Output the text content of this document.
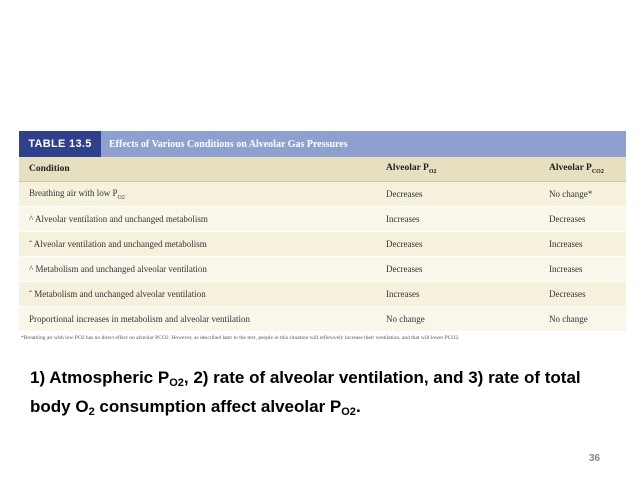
TABLE 13.5	Effects of Various Conditions on Alveolar Gas Pressures
Condition	Alveolar $P_{O2}$	Alveolar $P_{CO2}$
Breathing air with low $P_{O2}$	Decreases	No change*
^ Alveolar ventilation and unchanged metabolism	Increases	Decreases
ˇ Alveolar ventilation and unchanged metabolism	Decreases	Increases
^ Metabolism and unchanged alveolar ventilation	Decreases	Increases
ˇ Metabolism and unchanged alveolar ventilation	Increases	Decreases
Proportional increases in metabolism and alveolar ventilation	No change	No change
*Breathing air with low PO2 has no direct effect on alveolar PCO2. However, as described later in the text, people in this situation will reflexively increase their ventilation, and that will lower PCO2.
1) Atmospheric $P_{O2}$, 2) rate of alveolar ventilation, and 3) rate of total body $O_2$ consumption affect alveolar $P_{O2}$.
36
